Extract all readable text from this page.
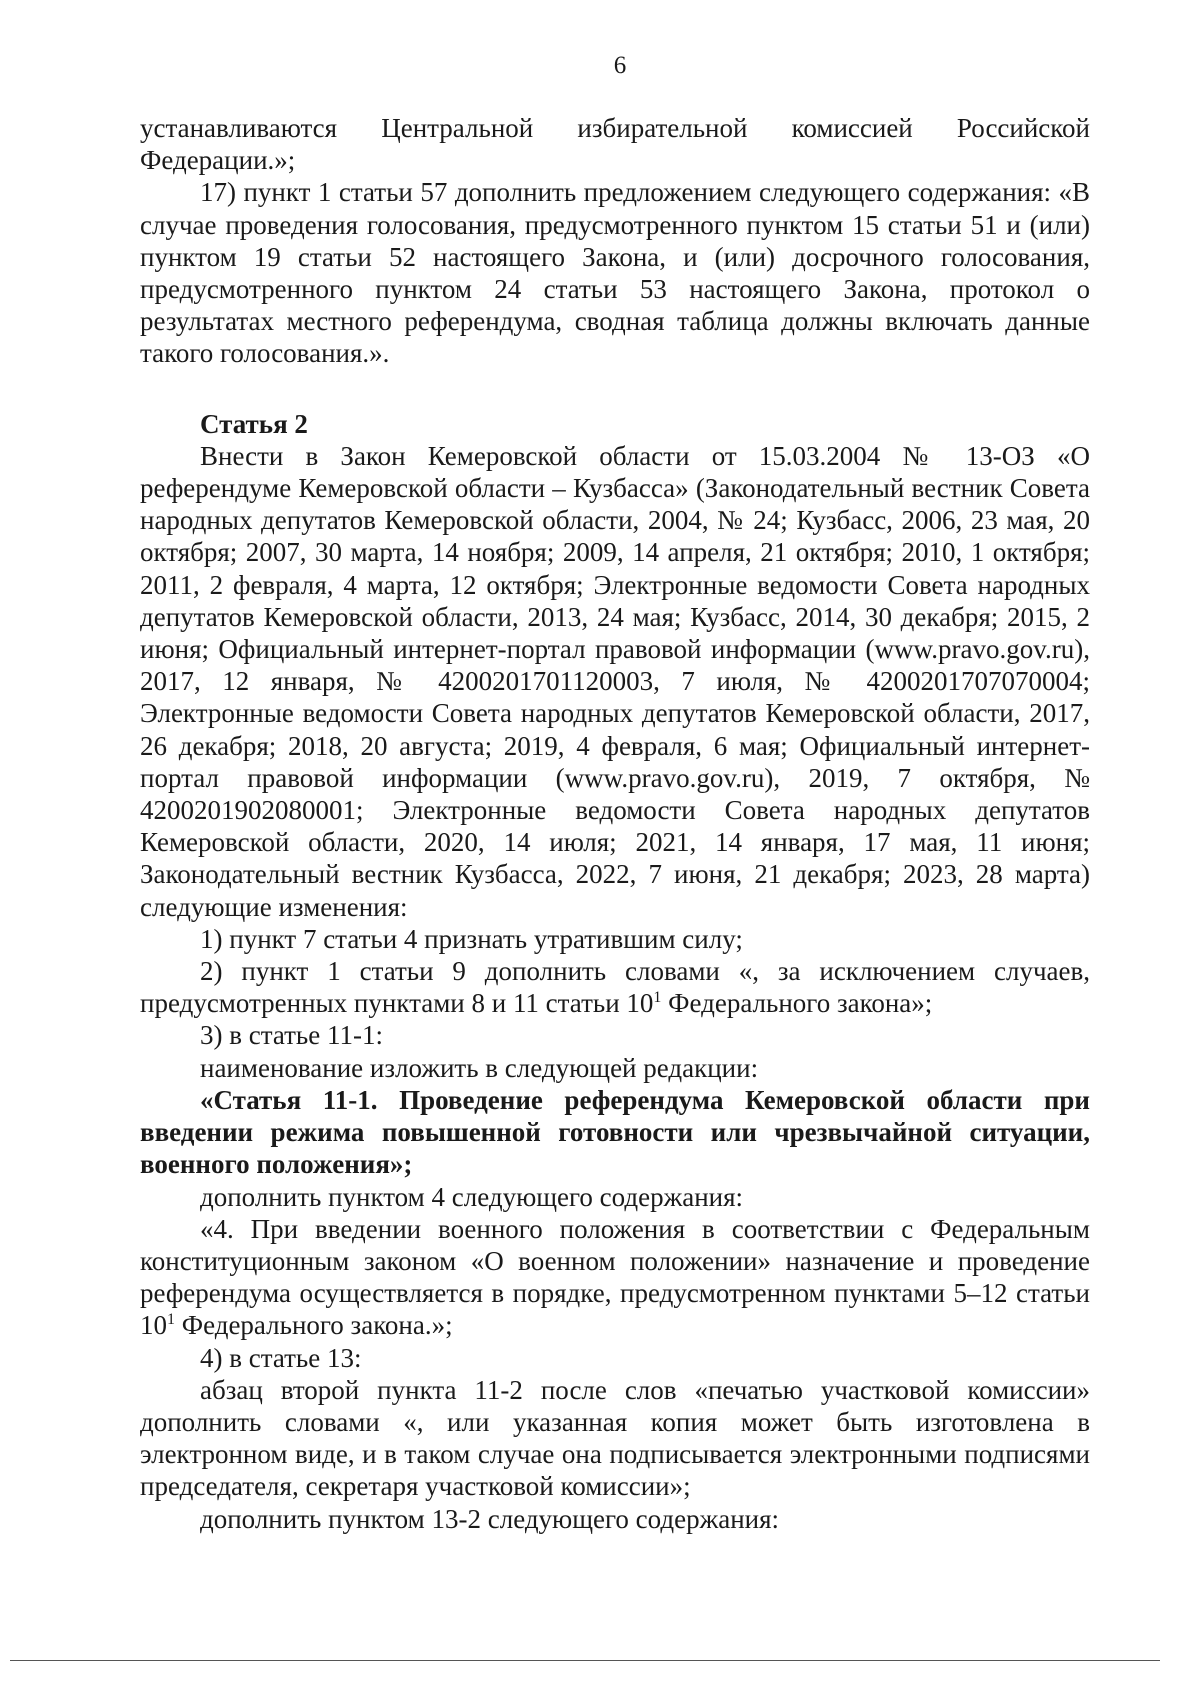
6

устанавливаются Центральной избирательной комиссией Российской Федерации.»;

17) пункт 1 статьи 57 дополнить предложением следующего содержания: «В случае проведения голосования, предусмотренного пунктом 15 статьи 51 и (или) пунктом 19 статьи 52 настоящего Закона, и (или) досрочного голосования, предусмотренного пунктом 24 статьи 53 настоящего Закона, протокол о результатах местного референдума, сводная таблица должны включать данные такого голосования.».

Статья 2

Внести в Закон Кемеровской области от 15.03.2004 № 13-ОЗ «О референдуме Кемеровской области – Кузбасса» (Законодательный вестник Совета народных депутатов Кемеровской области, 2004, № 24; Кузбасс, 2006, 23 мая, 20 октября; 2007, 30 марта, 14 ноября; 2009, 14 апреля, 21 октября; 2010, 1 октября; 2011, 2 февраля, 4 марта, 12 октября; Электронные ведомости Совета народных депутатов Кемеровской области, 2013, 24 мая; Кузбасс, 2014, 30 декабря; 2015, 2 июня; Официальный интернет-портал правовой информации (www.pravo.gov.ru), 2017, 12 января, № 4200201701120003, 7 июля, № 4200201707070004; Электронные ведомости Совета народных депутатов Кемеровской области, 2017, 26 декабря; 2018, 20 августа; 2019, 4 февраля, 6 мая; Официальный интернет-портал правовой информации (www.pravo.gov.ru), 2019, 7 октября, № 4200201902080001; Электронные ведомости Совета народных депутатов Кемеровской области, 2020, 14 июля; 2021, 14 января, 17 мая, 11 июня; Законодательный вестник Кузбасса, 2022, 7 июня, 21 декабря; 2023, 28 марта) следующие изменения:

1) пункт 7 статьи 4 признать утратившим силу;

2) пункт 1 статьи 9 дополнить словами «, за исключением случаев, предусмотренных пунктами 8 и 11 статьи $10^1$ Федерального закона»;

3) в статье 11-1:

наименование изложить в следующей редакции:

«Статья 11-1. Проведение референдума Кемеровской области при введении режима повышенной готовности или чрезвычайной ситуации, военного положения»;

дополнить пунктом 4 следующего содержания:

«4. При введении военного положения в соответствии с Федеральным конституционным законом «О военном положении» назначение и проведение референдума осуществляется в порядке, предусмотренном пунктами 5–12 статьи $10^1$ Федерального закона.»;

4) в статье 13:

абзац второй пункта 11-2 после слов «печатью участковой комиссии» дополнить словами «, или указанная копия может быть изготовлена в электронном виде, и в таком случае она подписывается электронными подписями председателя, секретаря участковой комиссии»;

дополнить пунктом 13-2 следующего содержания:
